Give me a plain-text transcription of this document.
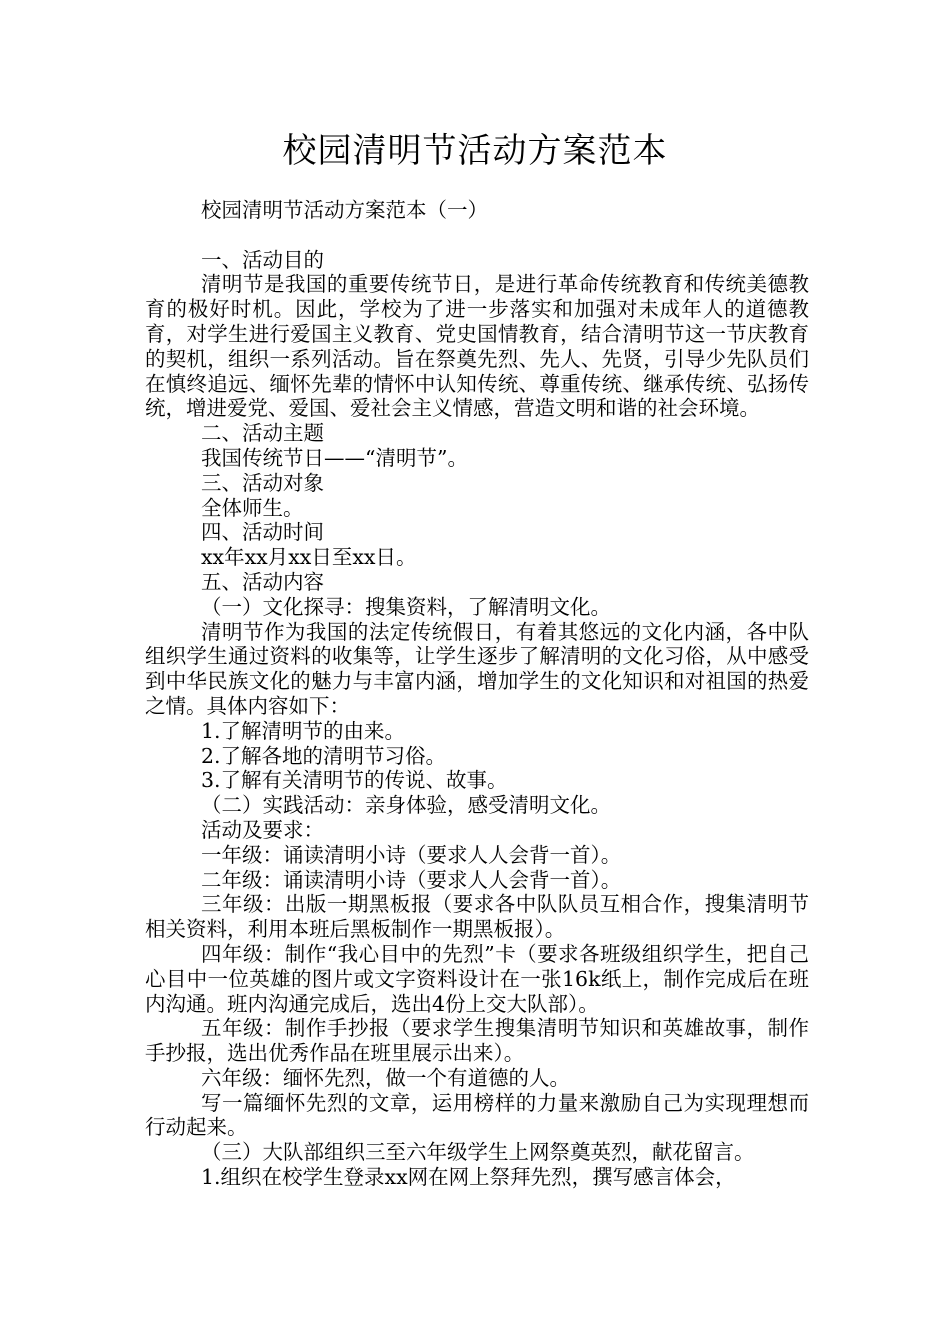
校园清明节活动方案范本

校园清明节活动方案范本（一）

一、活动目的

清明节是我国的重要传统节日，是进行革命传统教育和传统美德教育的极好时机。因此，学校为了进一步落实和加强对未成年人的道德教育，对学生进行爱国主义教育、党史国情教育，结合清明节这一节庆教育的契机，组织一系列活动。旨在祭奠先烈、先人、先贤，引导少先队员们在慎终追远、缅怀先辈的情怀中认知传统、尊重传统、继承传统、弘扬传统，增进爱党、爱国、爱社会主义情感，营造文明和谐的社会环境。

二、活动主题

我国传统节日——“清明节”。

三、活动对象

全体师生。

四、活动时间

xx年xx月xx日至xx日。

五、活动内容

（一）文化探寻：搜集资料，了解清明文化。

清明节作为我国的法定传统假日，有着其悠远的文化内涵，各中队组织学生通过资料的收集等，让学生逐步了解清明的文化习俗，从中感受到中华民族文化的魅力与丰富内涵，增加学生的文化知识和对祖国的热爱之情。具体内容如下：

1.了解清明节的由来。

2.了解各地的清明节习俗。

3.了解有关清明节的传说、故事。

（二）实践活动：亲身体验，感受清明文化。

活动及要求：

一年级：诵读清明小诗（要求人人会背一首）。

二年级：诵读清明小诗（要求人人会背一首）。

三年级：出版一期黑板报（要求各中队队员互相合作，搜集清明节相关资料，利用本班后黑板制作一期黑板报）。

四年级：制作“我心目中的先烈”卡（要求各班级组织学生，把自己心目中一位英雄的图片或文字资料设计在一张16k纸上，制作完成后在班内沟通。班内沟通完成后，选出4份上交大队部）。

五年级：制作手抄报（要求学生搜集清明节知识和英雄故事，制作手抄报，选出优秀作品在班里展示出来）。

六年级：缅怀先烈，做一个有道德的人。

写一篇缅怀先烈的文章，运用榜样的力量来激励自己为实现理想而行动起来。

（三）大队部组织三至六年级学生上网祭奠英烈，献花留言。

1.组织在校学生登录xx网在网上祭拜先烈，撰写感言体会，
